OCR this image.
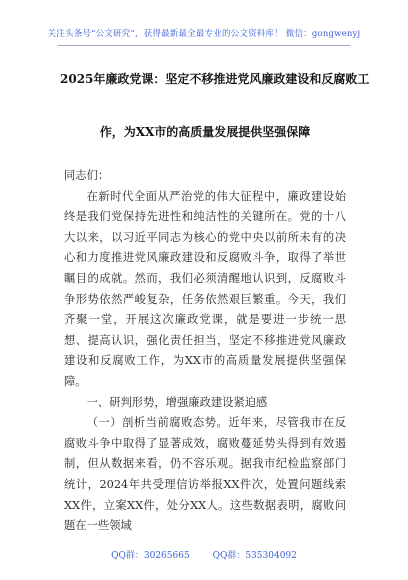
关注头条号“公文研究”，获得最新最全最专业的公文资料库！ 微信：gongwenyj
2025年廉政党课：坚定不移推进党风廉政建设和反腐败工
作，为XX市的高质量发展提供坚强保障

同志们：

在新时代全面从严治党的伟大征程中，廉政建设始终是我们党保持先进性和纯洁性的关键所在。党的十八大以来，以习近平同志为核心的党中央以前所未有的决心和力度推进党风廉政建设和反腐败斗争，取得了举世瞩目的成就。然而，我们必须清醒地认识到，反腐败斗争形势依然严峻复杂，任务依然艰巨繁重。今天，我们齐聚一堂，开展这次廉政党课，就是要进一步统一思想、提高认识，强化责任担当，坚定不移推进党风廉政建设和反腐败工作，为XX市的高质量发展提供坚强保障。

一、研判形势，增强廉政建设紧迫感

（一）剖析当前腐败态势。近年来，尽管我市在反腐败斗争中取得了显著成效，腐败蔓延势头得到有效遏制，但从数据来看，仍不容乐观。据我市纪检监察部门统计，2024年共受理信访举报XX件次，处置问题线索XX件，立案XX件，处分XX人。这些数据表明，腐败问题在一些领域

QQ群：30265665	QQ群：535304092
